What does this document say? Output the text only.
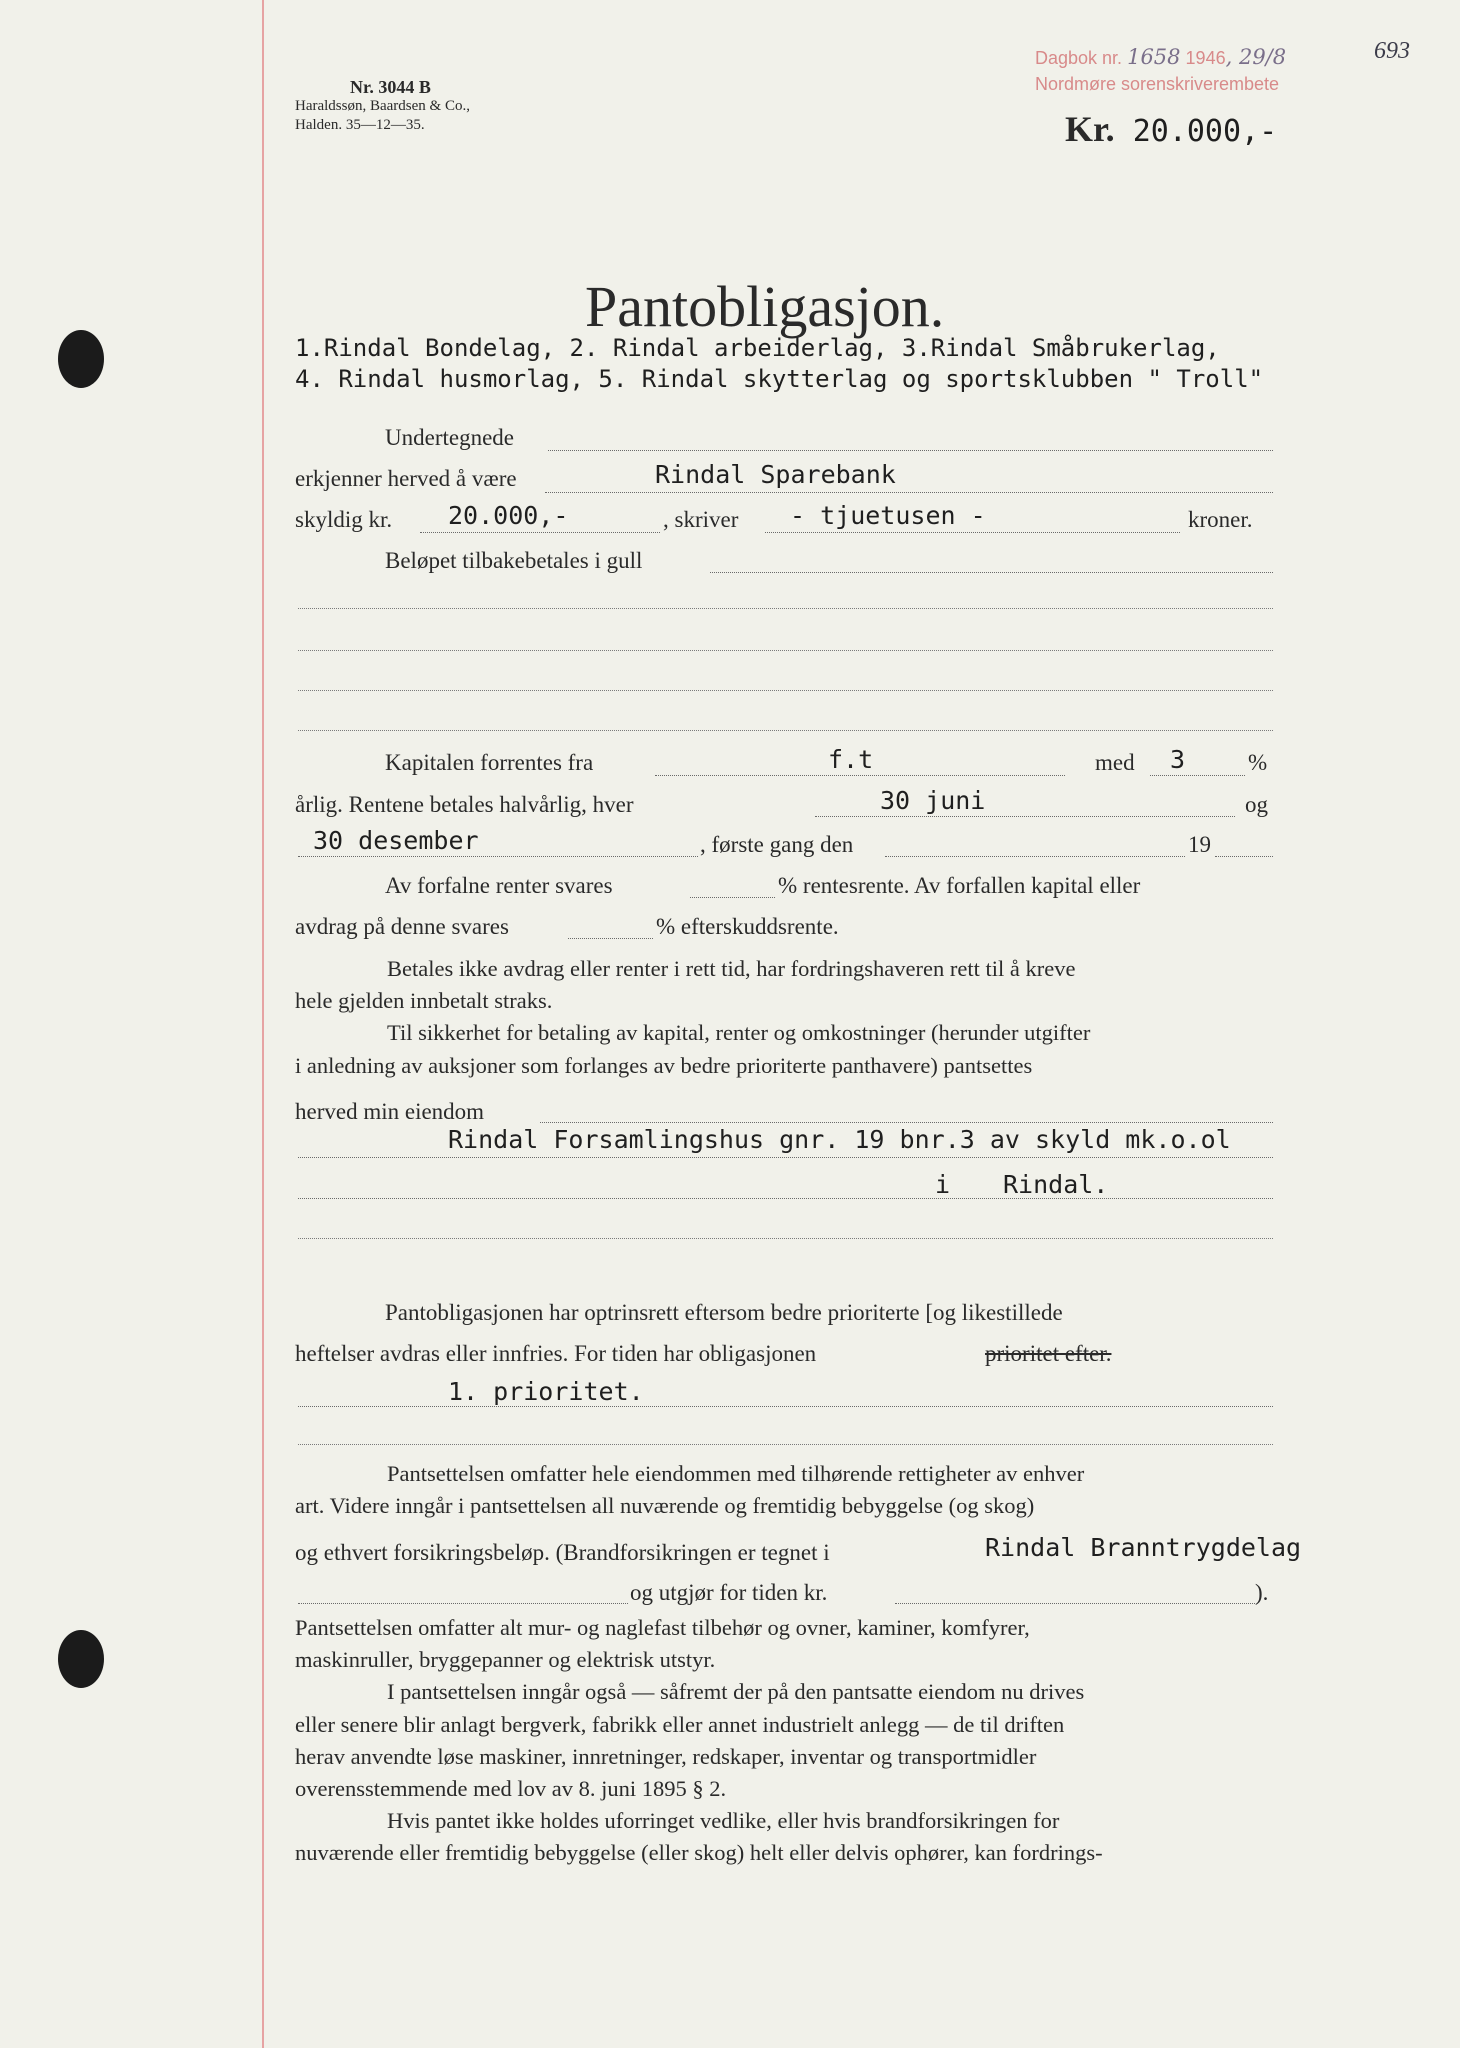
Nr. 3044 B
Haraldssøn, Baardsen & Co.,
Halden. 35—12—35.
Dagbok nr. 1658 1946, 29/8
Nordmøre sorenskriverembete
693
Kr. 20.000,-
Pantobligasjon.
1.Rindal Bondelag, 2. Rindal arbeiderlag, 3.Rindal Småbrukerlag,
4. Rindal husmorlag, 5. Rindal skytterlag og sportsklubben " Troll"
Undertegnede
erkjenner herved å være	Rindal Sparebank
skyldig kr. 20.000,-	, skriver - tjuetusen -	kroner.
Beløpet tilbakebetales i gull
Kapitalen forrentes fra	f.t	med 3	%
årlig. Rentene betales halvårlig, hver	30 juni	og
30 desember	, første gang den	19
Av forfalne renter svares	% rentesrente. Av forfallen kapital eller
avdrag på denne svares	% efterskuddsrente.

Betales ikke avdrag eller renter i rett tid, har fordringshaveren rett til å kreve

hele gjelden innbetalt straks.

Til sikkerhet for betaling av kapital, renter og omkostninger (herunder utgifter

i anledning av auksjoner som forlanges av bedre prioriterte panthavere) pantsettes

herved min eiendom
Rindal Forsamlingshus gnr. 19 bnr.3 av skyld mk.o.ol
i Rindal.
Pantobligasjonen har optrinsrett eftersom bedre prioriterte [og likestillede
heftelser avdras eller innfries. For tiden har obligasjonen	prioritet efter.
1. prioritet.

Pantsettelsen omfatter hele eiendommen med tilhørende rettigheter av enhver

art. Videre inngår i pantsettelsen all nuværende og fremtidig bebyggelse (og skog)

og ethvert forsikringsbeløp. (Brandforsikringen er tegnet i	Rindal Branntrygdelag
og utgjør for tiden kr.	).

Pantsettelsen omfatter alt mur- og naglefast tilbehør og ovner, kaminer, komfyrer,

maskinruller, bryggepanner og elektrisk utstyr.

I pantsettelsen inngår også — såfremt der på den pantsatte eiendom nu drives

eller senere blir anlagt bergverk, fabrikk eller annet industrielt anlegg — de til driften

herav anvendte løse maskiner, innretninger, redskaper, inventar og transportmidler

overensstemmende med lov av 8. juni 1895 § 2.

Hvis pantet ikke holdes uforringet vedlike, eller hvis brandforsikringen for

nuværende eller fremtidig bebyggelse (eller skog) helt eller delvis ophører, kan fordrings-
